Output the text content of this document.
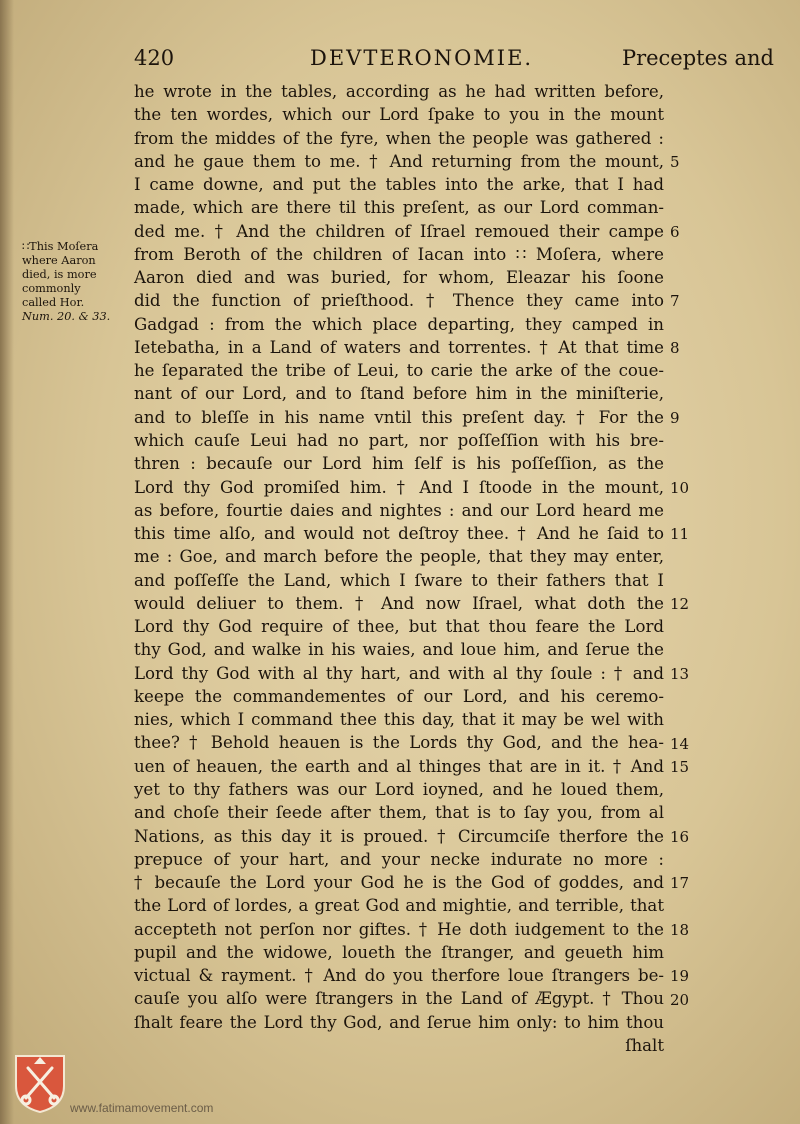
420	DEVTERONOMIE.	Preceptes and
he wrote in the tables, according as he had written before,
the ten wordes, which our Lord ſpake to you in the mount
from the middes of the fyre, when the people was gathered :
and he gaue them to me. † And returning from the mount,
I came downe, and put the tables into the arke, that I had
made, which are there til this preſent, as our Lord comman-
ded me. † And the children of Iſrael remoued their campe
from Beroth of the children of Iacan into ∷ Moſera, where
Aaron died and was buried, for whom, Eleazar his ſoone
did the function of prieſthood. † Thence they came into
Gadgad : from the which place departing, they camped in
Ietebatha, in a Land of waters and torrentes. † At that time
he ſeparated the tribe of Leui, to carie the arke of the coue-
nant of our Lord, and to ſtand before him in the miniſterie,
and to bleſſe in his name vntil this preſent day. † For the
which cauſe Leui had no part, nor poſſeſſion with his bre-
thren : becauſe our Lord him ſelf is his poſſeſſion, as the
Lord thy God promiſed him. † And I ſtoode in the mount,
as before, fourtie daies and nightes : and our Lord heard me
this time alſo, and would not deſtroy thee. † And he ſaid to
me : Goe, and march before the people, that they may enter,
and poſſeſſe the Land, which I ſware to their fathers that I
would deliuer to them. † And now Iſrael, what doth the
Lord thy God require of thee, but that thou feare the Lord
thy God, and walke in his waies, and loue him, and ſerue the
Lord thy God with al thy hart, and with al thy ſoule : † and
keepe the commandementes of our Lord, and his ceremo-
nies, which I command thee this day, that it may be wel with
thee? † Behold heauen is the Lords thy God, and the hea-
uen of heauen, the earth and al thinges that are in it. † And
yet to thy fathers was our Lord ioyned, and he loued them,
and choſe their ſeede after them, that is to ſay you, from al
Nations, as this day it is proued. † Circumciſe therfore the
prepuce of your hart, and your necke indurate no more :
† becauſe the Lord your God he is the God of goddes, and
the Lord of lordes, a great God and mightie, and terrible, that
accepteth not perſon nor giftes. † He doth iudgement to the
pupil and the widowe, loueth the ſtranger, and geueth him
victual & rayment. † And do you therfore loue ſtrangers be-
cauſe you alſo were ſtrangers in the Land of Ægypt. † Thou
ſhalt feare the Lord thy God, and ſerue him only: to him thou
ſhalt
5
6
7
8
9
10
11
12
13
14
15
16
17
18
19
20
∷This Moſera
where Aaron
died, is more
commonly
called Hor.
Num. 20. & 33.
www.fatimamovement.com
